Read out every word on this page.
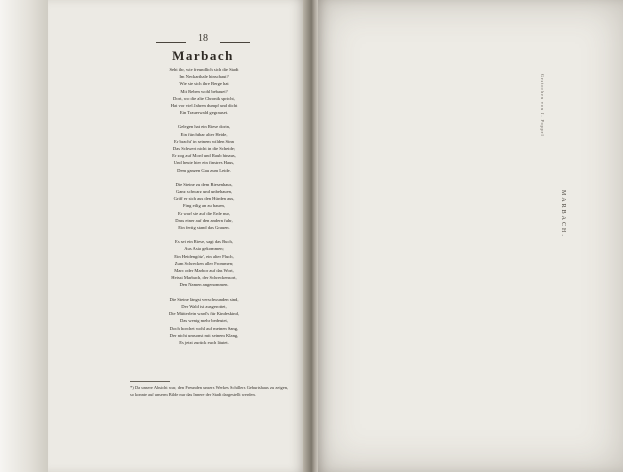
18
Marbach
Seht ihr, wie freundlich sich die Stadt
Im Neckarthale hinschaut?
Wie sie sich ihre Berge hat
Mit Reben wohl bebauet?
Dort, wo die alte Chronik spricht,
Hat vor viel Jahren dumpf und dicht
Ein Trauerwald gegrauset.
Gelegen hat ein Riese dorin,
Ein fürchtbar alter Heide,
Er bracht' in seinem wilden Sinn
Das Schwert nicht in die Scheide;
Er zog auf Mord und Raub hinaus,
Und heute hier ein finstres Haus,
Dem ganzen Gau zum Leide.
Die Steine zu dem Riesenhaus,
Ganz schwarz und unbehauen,
Griff er sich aus den Hürden aus,
Fing eilig an zu bauen,
Er warf sie auf die Erde nur,
Dass einer auf den andern fuhr,
Ein fertig stand das Grauen.
Es sei ein Riese, sagt das Buch,
Aus Asia gekommen;
Ein Heidengötz', ein alter Fluch,
Zum Schrecken aller Frommen;
Marc oder Marbor auf das Wort,
Heisst Marbach, der Schreckensort,
Den Namen angenommen.
Die Steine längst verschwunden sind,
Der Wald ist ausgerottet,
Die Mütterlein ward's für Kindeskind,
Das wenig mehr bedeutet,
Doch horchet wohl auf meinen Sang,
Der nicht umsonst mit seinem Klang,
Es jetzt zurück euch läutet.
*) Da unsere Absicht war, den Freunden unsers Werkes Schillers Geburtshaus zu zeigen, so konnte auf unserm Bilde nur das Innere der Stadt dargestellt werden.
MARBACH.
Gestochen von J. Poppel
